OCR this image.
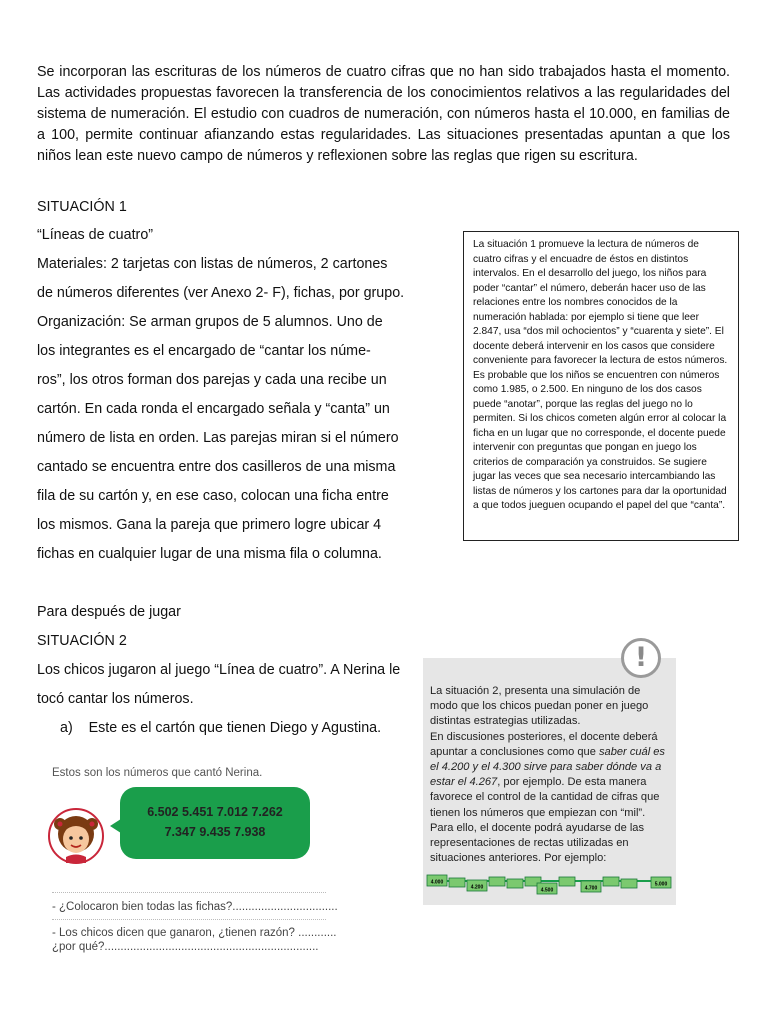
Se incorporan las escrituras de los números de cuatro cifras que no han sido trabajados hasta el momento. Las actividades propuestas favorecen la transferencia de los conocimientos relativos a las regularidades del sistema de numeración. El estudio con cuadros de numeración, con números hasta el 10.000, en familias de a 100, permite continuar afianzando estas regularidades. Las situaciones presentadas apuntan a que los niños lean este nuevo campo de números y reflexionen sobre las reglas que rigen su escritura.

SITUACIÓN 1

“Líneas de cuatro”
Materiales: 2 tarjetas con listas de números, 2 cartones
de números diferentes (ver Anexo 2- F), fichas, por grupo.
Organización: Se arman grupos de 5 alumnos. Uno de
los integrantes es el encargado de “cantar los núme-
ros”, los otros forman dos parejas y cada una recibe un
cartón. En cada ronda el encargado señala y “canta” un
número de lista en orden. Las parejas miran si el número
cantado se encuentra entre dos casilleros de una misma
fila de su cartón y, en ese caso, colocan una ficha entre
los mismos. Gana la pareja que primero logre ubicar 4
fichas en cualquier lugar de una misma fila o columna.

La situación 1 promueve la lectura de números de cuatro cifras y el encuadre de éstos en distintos intervalos. En el desarrollo del juego, los niños para poder “cantar” el número, deberán hacer uso de las relaciones entre los nombres conocidos de la numeración hablada: por ejemplo si tiene que leer 2.847, usa “dos mil ochocientos” y “cuarenta y siete”. El docente deberá intervenir en los casos que considere conveniente para favorecer la lectura de estos números. Es probable que los niños se encuentren con números como 1.985, o 2.500. En ninguno de los dos casos puede “anotar”, porque las reglas del juego no lo permiten. Si los chicos cometen algún error al colocar la ficha en un lugar que no corresponde, el docente puede intervenir con preguntas que pongan en juego los criterios de comparación ya construidos. Se sugiere jugar las veces que sea necesario intercambiando las listas de números y los cartones para dar la oportunidad a que todos jueguen ocupando el papel del que “canta”.

Para después de jugar

SITUACIÓN 2

Los chicos jugaron al juego “Línea de cuatro”. A Nerina le

tocó cantar los números.

a)    Este es el cartón que tienen Diego y Agustina.

Estos son los números que cantó Nerina.
6.502 5.451 7.012 7.262
7.347 9.435 7.938
- ¿Colocaron bien todas las fichas?.................................
- Los chicos dicen que ganaron, ¿tienen razón? ............
¿por qué?...................................................................

La situación 2, presenta una simulación de modo que los chicos puedan poner en juego distintas estrategias utilizadas.

En discusiones posteriores, el docente deberá apuntar a conclusiones como que saber cuál es el 4.200 y el 4.300 sirve para saber dónde va a estar el 4.267, por ejemplo. De esta manera favorece el control de la cantidad de cifras que tienen los números que empiezan con “mil”. Para ello, el docente podrá ayudarse de las representaciones de rectas utilizadas en situaciones anteriores. Por ejemplo:

!
4.000
4.200	4.500	4.700
5.000
